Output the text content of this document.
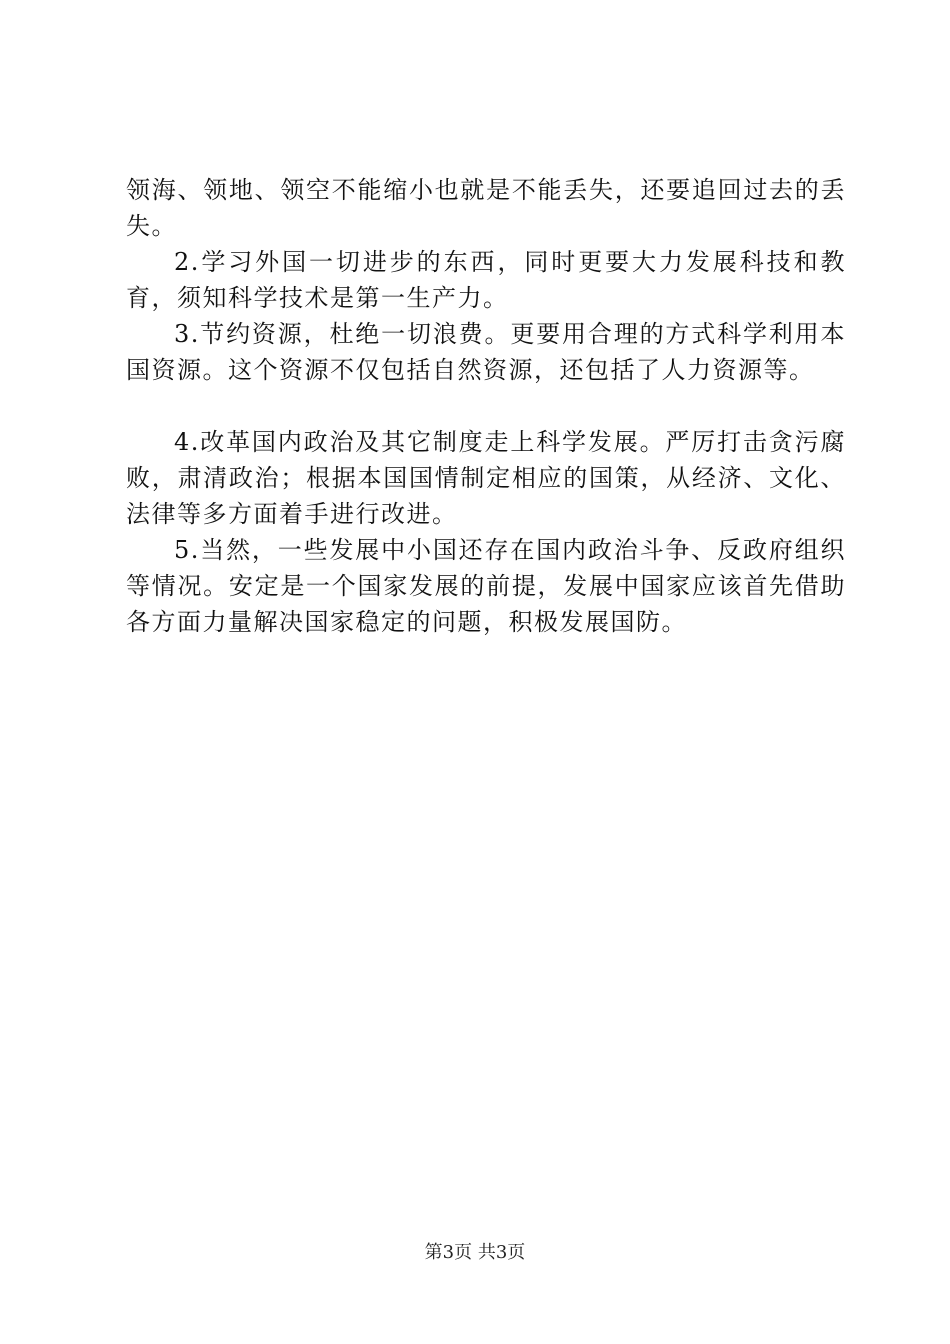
领海、领地、领空不能缩小也就是不能丢失，还要追回过去的丢失。

2.学习外国一切进步的东西，同时更要大力发展科技和教育，须知科学技术是第一生产力。

3.节约资源，杜绝一切浪费。更要用合理的方式科学利用本国资源。这个资源不仅包括自然资源，还包括了人力资源等。

4.改革国内政治及其它制度走上科学发展。严厉打击贪污腐败，肃清政治；根据本国国情制定相应的国策，从经济、文化、法律等多方面着手进行改进。

5.当然，一些发展中小国还存在国内政治斗争、反政府组织等情况。安定是一个国家发展的前提，发展中国家应该首先借助各方面力量解决国家稳定的问题，积极发展国防。

第3页 共3页
